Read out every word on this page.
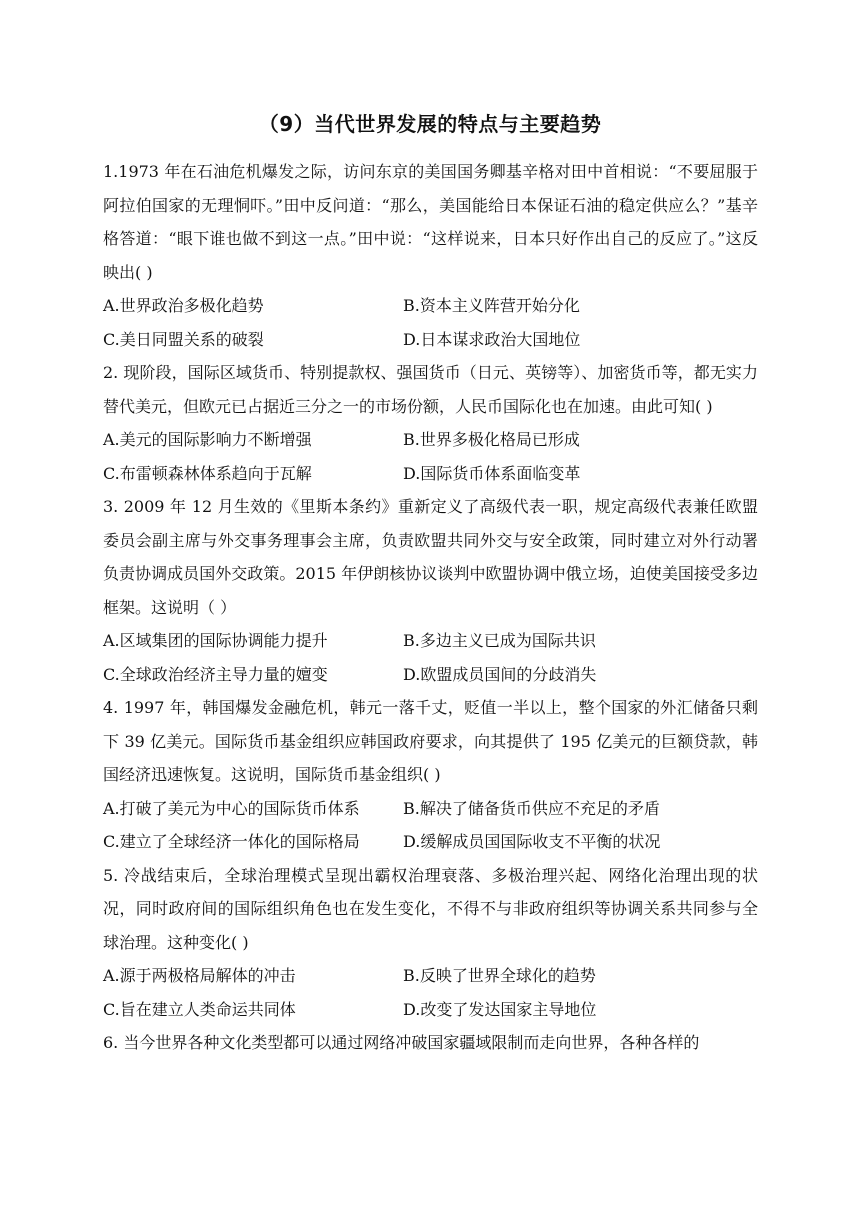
（9）当代世界发展的特点与主要趋势

1.1973 年在石油危机爆发之际，访问东京的美国国务卿基辛格对田中首相说：“不要屈服于阿拉伯国家的无理恫吓。”田中反问道：“那么，美国能给日本保证石油的稳定供应么？”基辛格答道：“眼下谁也做不到这一点。”田中说：“这样说来，日本只好作出自己的反应了。”这反映出( )

A.世界政治多极化趋势	B.资本主义阵营开始分化
C.美日同盟关系的破裂	D.日本谋求政治大国地位

2. 现阶段，国际区域货币、特别提款权、强国货币（日元、英镑等）、加密货币等，都无实力替代美元，但欧元已占据近三分之一的市场份额，人民币国际化也在加速。由此可知( )

A.美元的国际影响力不断增强	B.世界多极化格局已形成
C.布雷顿森林体系趋向于瓦解	D.国际货币体系面临变革

3. 2009 年 12 月生效的《里斯本条约》重新定义了高级代表一职，规定高级代表兼任欧盟委员会副主席与外交事务理事会主席，负责欧盟共同外交与安全政策，同时建立对外行动署负责协调成员国外交政策。2015 年伊朗核协议谈判中欧盟协调中俄立场，迫使美国接受多边框架。这说明（ ）

A.区域集团的国际协调能力提升	B.多边主义已成为国际共识
C.全球政治经济主导力量的嬗变	D.欧盟成员国间的分歧消失

4. 1997 年，韩国爆发金融危机，韩元一落千丈，贬值一半以上，整个国家的外汇储备只剩下 39 亿美元。国际货币基金组织应韩国政府要求，向其提供了 195 亿美元的巨额贷款，韩国经济迅速恢复。这说明，国际货币基金组织( )

A.打破了美元为中心的国际货币体系	B.解决了储备货币供应不充足的矛盾
C.建立了全球经济一体化的国际格局	D.缓解成员国国际收支不平衡的状况

5. 冷战结束后，全球治理模式呈现出霸权治理衰落、多极治理兴起、网络化治理出现的状况，同时政府间的国际组织角色也在发生变化，不得不与非政府组织等协调关系共同参与全球治理。这种变化( )

A.源于两极格局解体的冲击	B.反映了世界全球化的趋势
C.旨在建立人类命运共同体	D.改变了发达国家主导地位

6. 当今世界各种文化类型都可以通过网络冲破国家疆域限制而走向世界，各种各样的
